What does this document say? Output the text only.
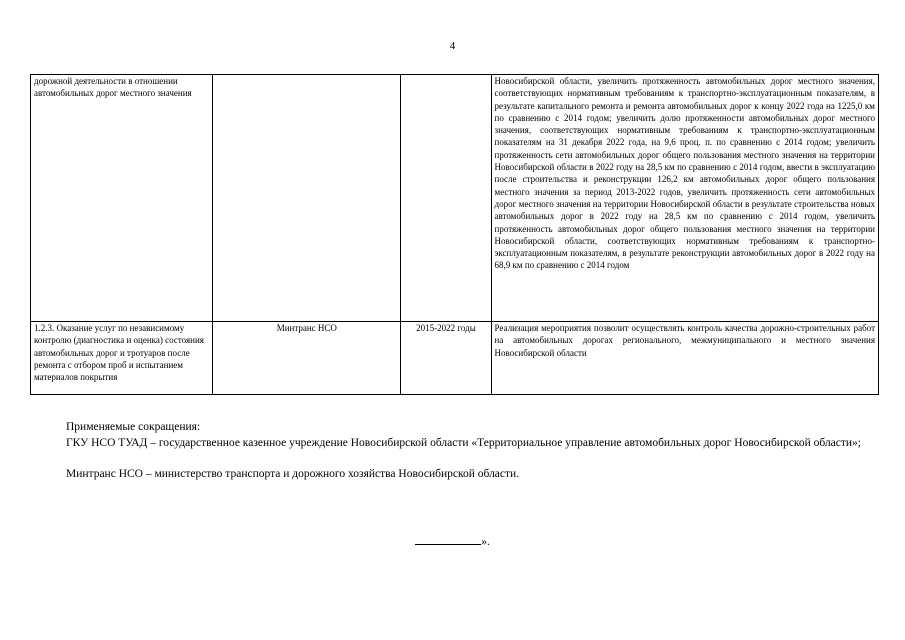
4
дорожной деятельности в отношении автомобильных дорог местного значения			Новосибирской области, увеличить протяженность автомобильных дорог местного значения, соответствующих нормативным требованиям к транспортно-эксплуатационным показателям, в результате капитального ремонта и ремонта автомобильных дорог к концу 2022 года на 1225,0 км по сравнению с 2014 годом; увеличить долю протяженности автомобильных дорог местного значения, соответствующих нормативным требованиям к транспортно-эксплуатационным показателям на 31 декабря 2022 года, на 9,6 проц. п. по сравнению с 2014 годом; увеличить протяженность сети автомобильных дорог общего пользования местного значения на территории Новосибирской области в 2022 году на 28,5 км по сравнению с 2014 годом, ввести в эксплуатацию после строительства и реконструкции 126,2 км автомобильных дорог общего пользования местного значения за период 2013-2022 годов, увеличить протяженность сети автомобильных дорог местного значения на территории Новосибирской области в результате строительства новых автомобильных дорог в 2022 году на 28,5 км по сравнению с 2014 годом, увеличить протяженность автомобильных дорог общего пользования местного значения на территории Новосибирской области, соответствующих нормативным требованиям к транспортно-эксплуатационным показателям, в результате реконструкции автомобильных дорог в 2022 году на 68,9 км по сравнению с 2014 годом
1.2.3. Оказание услуг по независимому контролю (диагностика и оценка) состояния автомобильных дорог и тротуаров после ремонта с отбором проб и испытанием материалов покрытия	Минтранс НСО	2015-2022 годы	Реализация мероприятия позволит осуществлять контроль качества дорожно-строительных работ на автомобильных дорогах регионального, межмуниципального и местного значения Новосибирской области
Применяемые сокращения:
ГКУ НСО ТУАД – государственное казенное учреждение Новосибирской области «Территориальное управление автомобильных дорог Новосибирской области»;
Минтранс НСО – министерство транспорта и дорожного хозяйства Новосибирской области.
».
